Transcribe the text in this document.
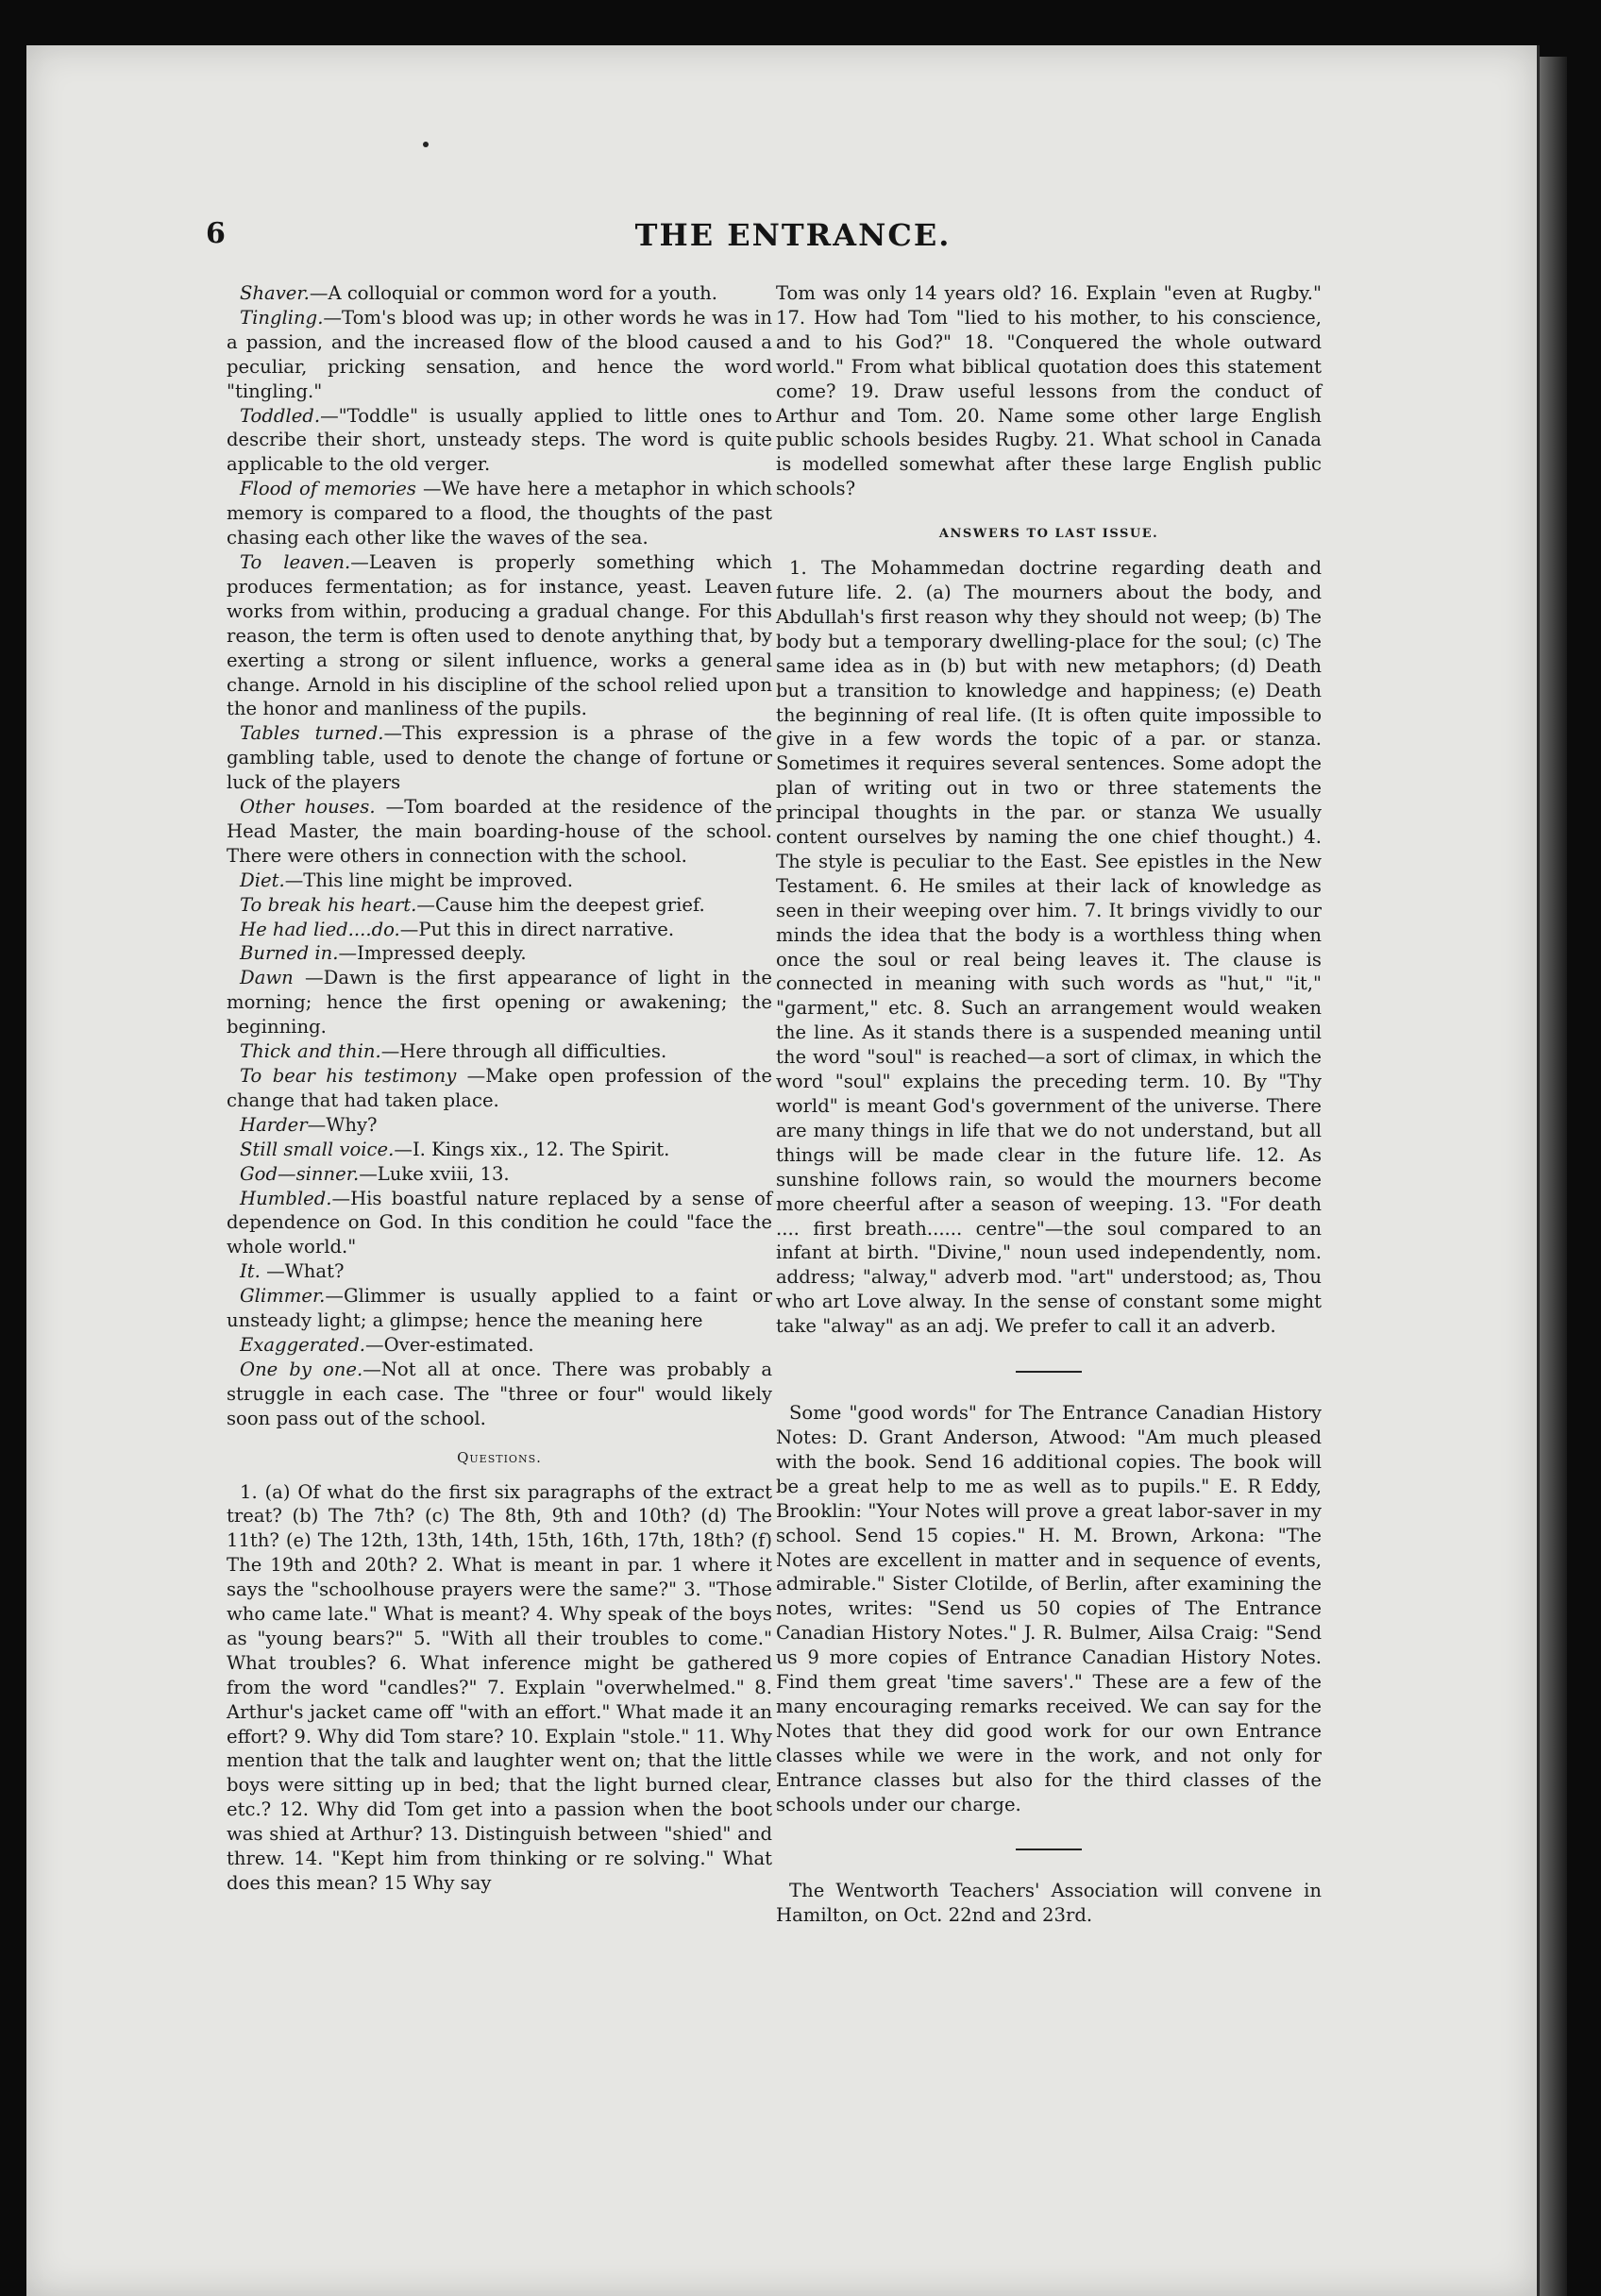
6	THE ENTRANCE.

Shaver.—A colloquial or common word for a youth.

Tingling.—Tom's blood was up; in other words he was in a passion, and the increased flow of the blood caused a peculiar, pricking sensation, and hence the word "tingling."

Toddled.—"Toddle" is usually applied to little ones to describe their short, unsteady steps. The word is quite applicable to the old verger.

Flood of memories —We have here a metaphor in which memory is compared to a flood, the thoughts of the past chasing each other like the waves of the sea.

To leaven.—Leaven is properly something which produces fermentation; as for instance, yeast. Leaven works from within, producing a gradual change. For this reason, the term is often used to denote anything that, by exerting a strong or silent influence, works a general change. Arnold in his discipline of the school relied upon the honor and manliness of the pupils.

Tables turned.—This expression is a phrase of the gambling table, used to denote the change of fortune or luck of the players

Other houses. —Tom boarded at the residence of the Head Master, the main boarding-house of the school. There were others in connection with the school.

Diet.—This line might be improved.

To break his heart.—Cause him the deepest grief.

He had lied....do.—Put this in direct narrative.

Burned in.—Impressed deeply.

Dawn —Dawn is the first appearance of light in the morning; hence the first opening or awakening; the beginning.

Thick and thin.—Here through all difficulties.

To bear his testimony —Make open profession of the change that had taken place.

Harder—Why?

Still small voice.—I. Kings xix., 12. The Spirit.

God—sinner.—Luke xviii, 13.

Humbled.—His boastful nature replaced by a sense of dependence on God. In this condition he could "face the whole world."

It. —What?

Glimmer.—Glimmer is usually applied to a faint or unsteady light; a glimpse; hence the meaning here

Exaggerated.—Over-estimated.

One by one.—Not all at once. There was probably a struggle in each case. The "three or four" would likely soon pass out of the school.

Questions.

1. (a) Of what do the first six paragraphs of the extract treat? (b) The 7th? (c) The 8th, 9th and 10th? (d) The 11th? (e) The 12th, 13th, 14th, 15th, 16th, 17th, 18th? (f) The 19th and 20th? 2. What is meant in par. 1 where it says the "schoolhouse prayers were the same?" 3. "Those who came late." What is meant? 4. Why speak of the boys as "young bears?" 5. "With all their troubles to come." What troubles? 6. What inference might be gathered from the word "candles?" 7. Explain "overwhelmed." 8. Arthur's jacket came off "with an effort." What made it an effort? 9. Why did Tom stare? 10. Explain "stole." 11. Why mention that the talk and laughter went on; that the little boys were sitting up in bed; that the light burned clear, etc.? 12. Why did Tom get into a passion when the boot was shied at Arthur? 13. Distinguish between "shied" and threw. 14. "Kept him from thinking or re solving." What does this mean? 15 Why say

Tom was only 14 years old? 16. Explain "even at Rugby." 17. How had Tom "lied to his mother, to his conscience, and to his God?" 18. "Conquered the whole outward world." From what biblical quotation does this statement come? 19. Draw useful lessons from the conduct of Arthur and Tom. 20. Name some other large English public schools besides Rugby. 21. What school in Canada is modelled somewhat after these large English public schools?

ANSWERS TO LAST ISSUE.

1. The Mohammedan doctrine regarding death and future life. 2. (a) The mourners about the body, and Abdullah's first reason why they should not weep; (b) The body but a temporary dwelling-place for the soul; (c) The same idea as in (b) but with new metaphors; (d) Death but a transition to knowledge and happiness; (e) Death the beginning of real life. (It is often quite impossible to give in a few words the topic of a par. or stanza. Sometimes it requires several sentences. Some adopt the plan of writing out in two or three statements the principal thoughts in the par. or stanza We usually content ourselves by naming the one chief thought.) 4. The style is peculiar to the East. See epistles in the New Testament. 6. He smiles at their lack of knowledge as seen in their weeping over him. 7. It brings vividly to our minds the idea that the body is a worthless thing when once the soul or real being leaves it. The clause is connected in meaning with such words as "hut," "it," "garment," etc. 8. Such an arrangement would weaken the line. As it stands there is a suspended meaning until the word "soul" is reached—a sort of climax, in which the word "soul" explains the preceding term. 10. By "Thy world" is meant God's government of the universe. There are many things in life that we do not understand, but all things will be made clear in the future life. 12. As sunshine follows rain, so would the mourners become more cheerful after a season of weeping. 13. "For death .... first breath...... centre"—the soul compared to an infant at birth. "Divine," noun used independently, nom. address; "alway," adverb mod. "art" understood; as, Thou who art Love alway. In the sense of constant some might take "alway" as an adj. We prefer to call it an adverb.

Some "good words" for The Entrance Canadian History Notes: D. Grant Anderson, Atwood: "Am much pleased with the book. Send 16 additional copies. The book will be a great help to me as well as to pupils." E. R Eddy, Brooklin: "Your Notes will prove a great labor-saver in my school. Send 15 copies." H. M. Brown, Arkona: "The Notes are excellent in matter and in sequence of events, admirable." Sister Clotilde, of Berlin, after examining the notes, writes: "Send us 50 copies of The Entrance Canadian History Notes." J. R. Bulmer, Ailsa Craig: "Send us 9 more copies of Entrance Canadian History Notes. Find them great 'time savers'." These are a few of the many encouraging remarks received. We can say for the Notes that they did good work for our own Entrance classes while we were in the work, and not only for Entrance classes but also for the third classes of the schools under our charge.

The Wentworth Teachers' Association will convene in Hamilton, on Oct. 22nd and 23rd.
